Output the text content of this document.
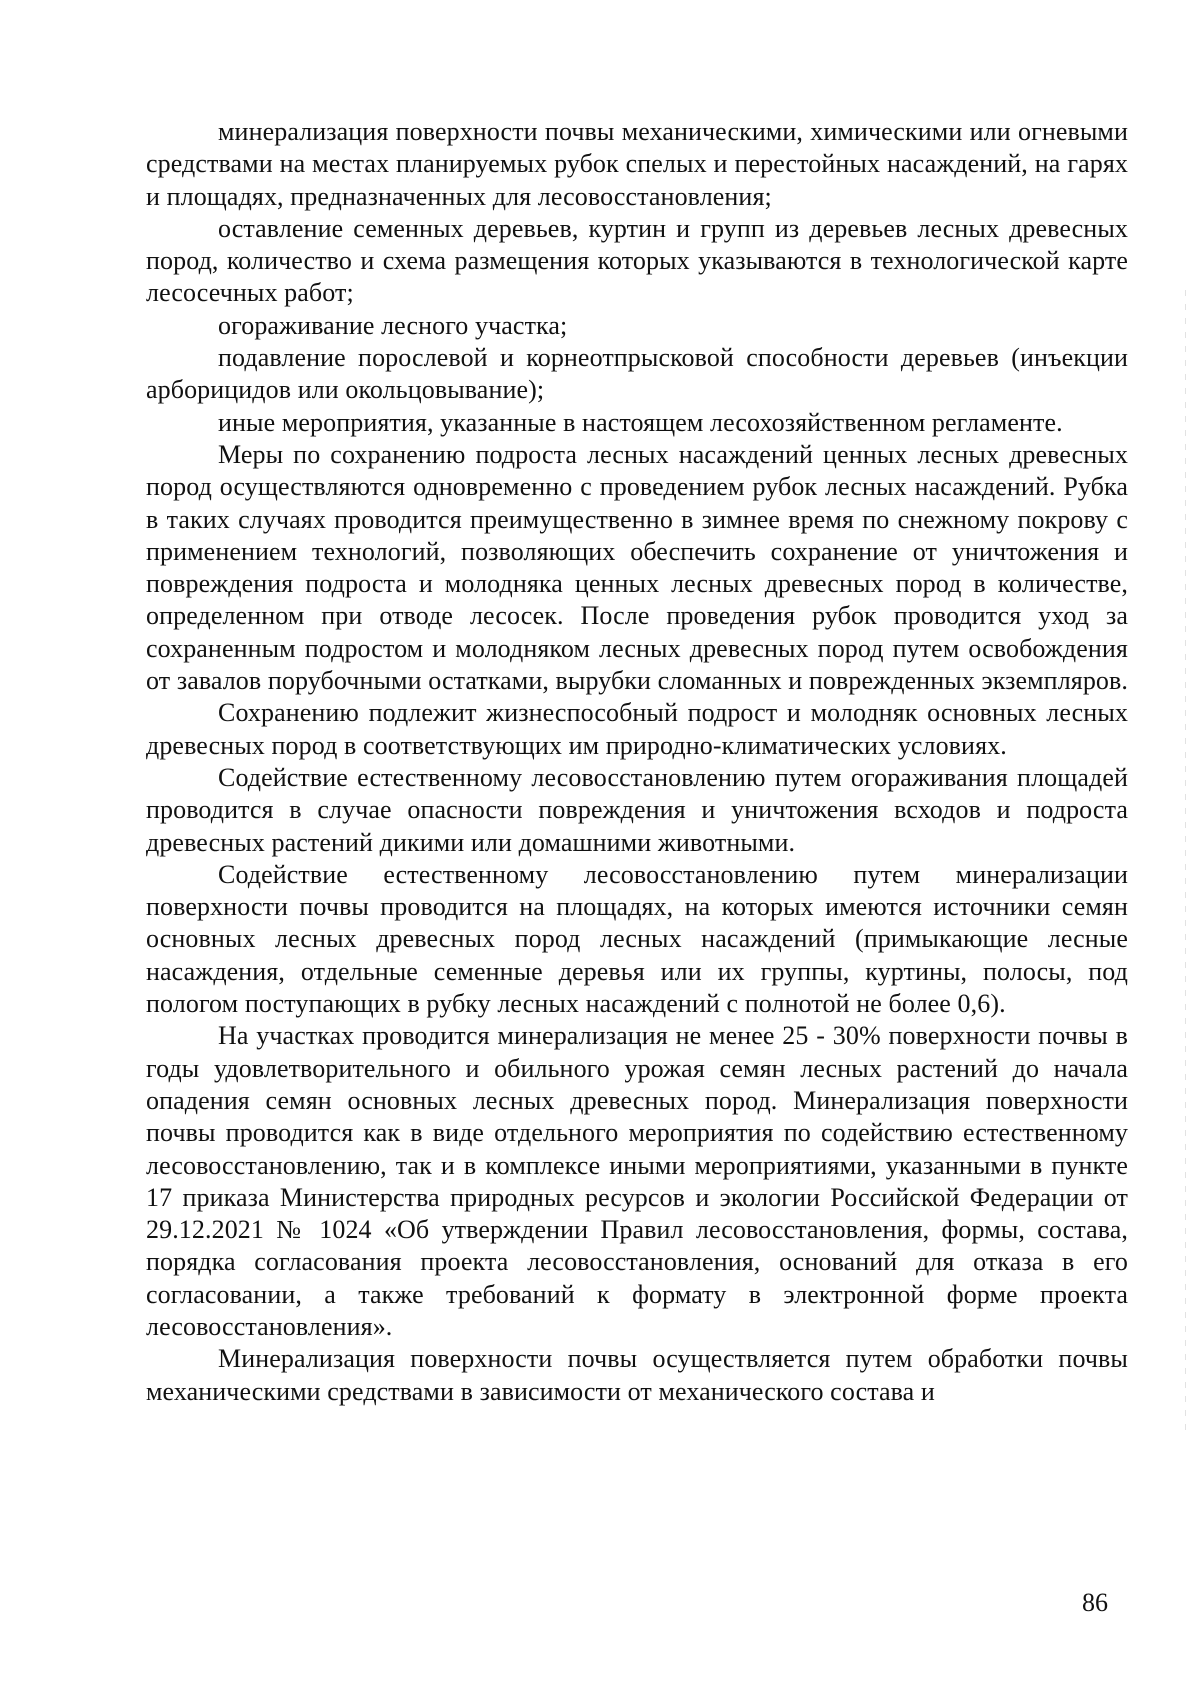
минерализация поверхности почвы механическими, химическими или огневыми средствами на местах планируемых рубок спелых и перестойных насаждений, на гарях и площадях, предназначенных для лесовосстановления;

оставление семенных деревьев, куртин и групп из деревьев лесных древесных пород, количество и схема размещения которых указываются в технологической карте лесосечных работ;

огораживание лесного участка;

подавление порослевой и корнеотпрысковой способности деревьев (инъекции арборицидов или окольцовывание);

иные мероприятия, указанные в настоящем лесохозяйственном регламенте.

Меры по сохранению подроста лесных насаждений ценных лесных древесных пород осуществляются одновременно с проведением рубок лесных насаждений. Рубка в таких случаях проводится преимущественно в зимнее время по снежному покрову с применением технологий, позволяющих обеспечить сохранение от уничтожения и повреждения подроста и молодняка ценных лесных древесных пород в количестве, определенном при отводе лесосек. После проведения рубок проводится уход за сохраненным подростом и молодняком лесных древесных пород путем освобождения от завалов порубочными остатками, вырубки сломанных и поврежденных экземпляров.

Сохранению подлежит жизнеспособный подрост и молодняк основных лесных древесных пород в соответствующих им природно-климатических условиях.

Содействие естественному лесовосстановлению путем огораживания площадей проводится в случае опасности повреждения и уничтожения всходов и подроста древесных растений дикими или домашними животными.

Содействие естественному лесовосстановлению путем минерализации поверхности почвы проводится на площадях, на которых имеются источники семян основных лесных древесных пород лесных насаждений (примыкающие лесные насаждения, отдельные семенные деревья или их группы, куртины, полосы, под пологом поступающих в рубку лесных насаждений с полнотой не более 0,6).

На участках проводится минерализация не менее 25 - 30% поверхности почвы в годы удовлетворительного и обильного урожая семян лесных растений до начала опадения семян основных лесных древесных пород. Минерализация поверхности почвы проводится как в виде отдельного мероприятия по содействию естественному лесовосстановлению, так и в комплексе иными мероприятиями, указанными в пункте 17 приказа Министерства природных ресурсов и экологии Российской Федерации от 29.12.2021 № 1024 «Об утверждении Правил лесовосстановления, формы, состава, порядка согласования проекта лесовосстановления, оснований для отказа в его согласовании, а также требований к формату в электронной форме проекта лесовосстановления».

Минерализация поверхности почвы осуществляется путем обработки почвы механическими средствами в зависимости от механического состава и

86
